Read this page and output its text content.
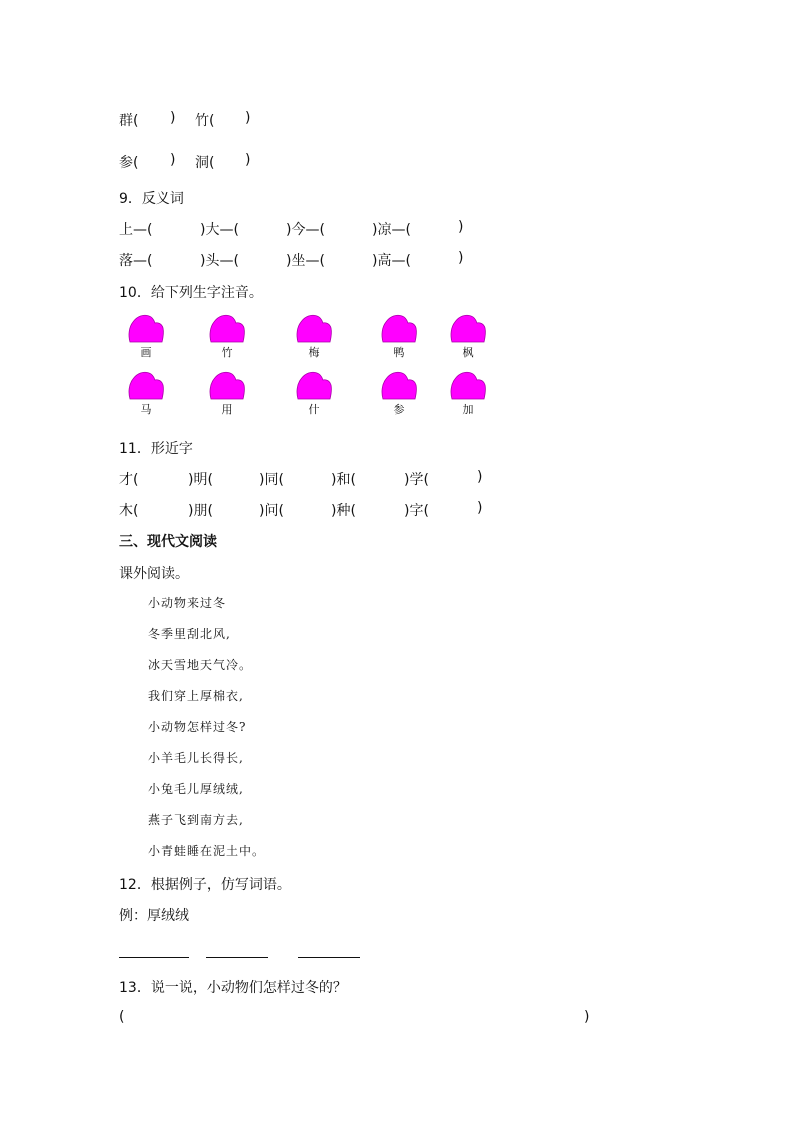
群( ) 竹( )
参( ) 洞( )
9．反义词
上—(	)大—(	)今—(	)凉—(	)
落—(	)头—(	)坐—(	)高—(	)
10．给下列生字注音。
画	竹	梅	鸭	枫
马	用	什	参	加
11．形近字
才(	)明(	)同(	)和(	)学(	)
木(	)朋(	)问(	)种(	)字(	)
三、现代文阅读
课外阅读。
小动物来过冬
冬季里刮北风,
冰天雪地天气冷。
我们穿上厚棉衣,
小动物怎样过冬?
小羊毛儿长得长,
小兔毛儿厚绒绒,
燕子飞到南方去,
小青蛙睡在泥土中。
12．根据例子，仿写词语。
例：厚绒绒
13．说一说，小动物们怎样过冬的？
(	)
